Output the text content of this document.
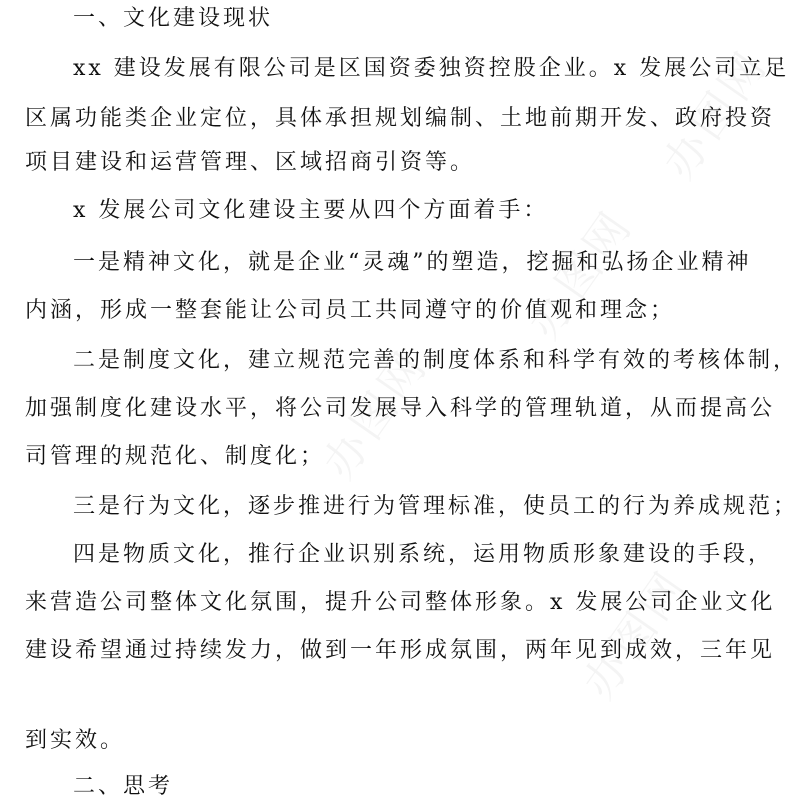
一、文化建设现状
xx 建设发展有限公司是区国资委独资控股企业。x 发展公司立足
区属功能类企业定位，具体承担规划编制、土地前期开发、政府投资
项目建设和运营管理、区域招商引资等。
x 发展公司文化建设主要从四个方面着手：
一是精神文化，就是企业“灵魂”的塑造，挖掘和弘扬企业精神
内涵，形成一整套能让公司员工共同遵守的价值观和理念；
二是制度文化，建立规范完善的制度体系和科学有效的考核体制，
加强制度化建设水平，将公司发展导入科学的管理轨道，从而提高公
司管理的规范化、制度化；
三是行为文化，逐步推进行为管理标准，使员工的行为养成规范；
四是物质文化，推行企业识别系统，运用物质形象建设的手段，
来营造公司整体文化氛围，提升公司整体形象。x 发展公司企业文化
建设希望通过持续发力，做到一年形成氛围，两年见到成效，三年见
到实效。
二、思考
